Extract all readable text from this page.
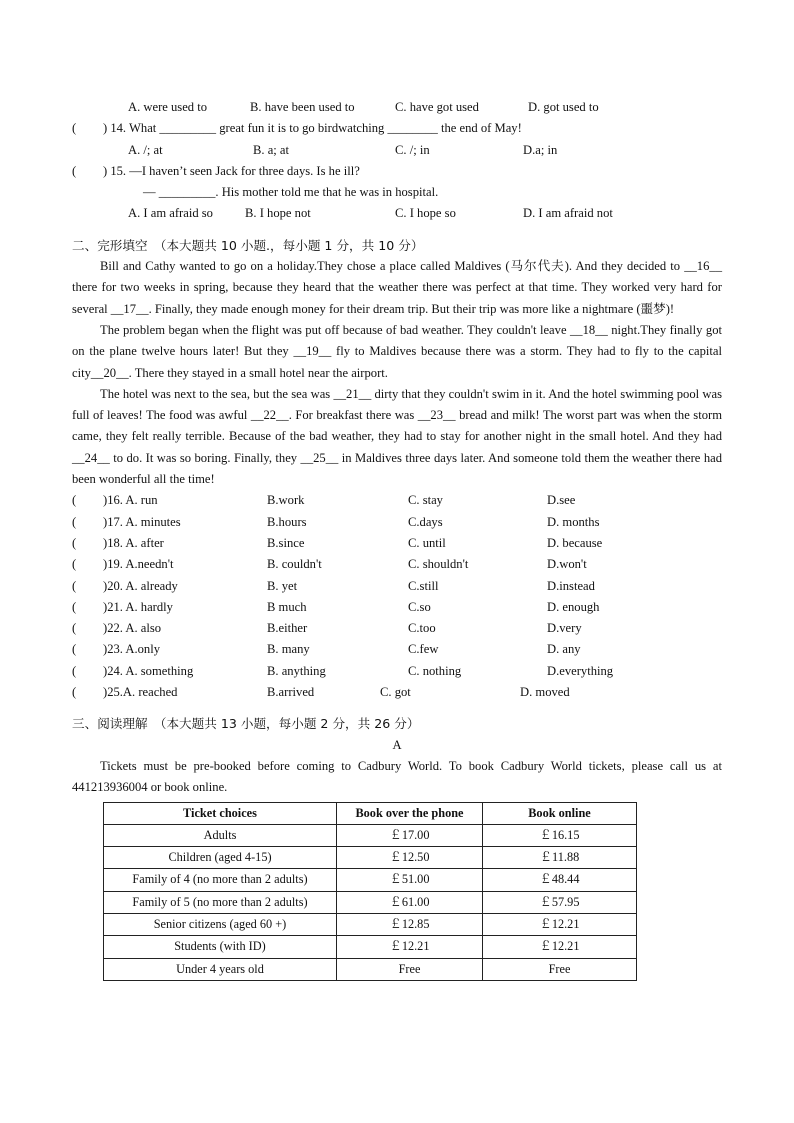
A. were used to	B. have been used to	C. have got used	D. got used to
( ) 14. What _________ great fun it is to go birdwatching ________ the end of May!
A. /; at	B. a; at	C. /; in	D.a; in
( ) 15. —I haven’t seen Jack for three days. Is he ill?
— _________. His mother told me that he was in hospital.
A. I am afraid so	B. I hope not	C. I hope so	D. I am afraid not
二、完形填空　（本大题共 10 小题.，每小题 1 分，共 10 分）
Bill and Cathy wanted to go on a holiday.They chose a place called Maldives (马尔代夫). And they decided to __16__ there for two weeks in spring, because they heard that the weather there was perfect at that time. They worked very hard for several __17__. Finally, they made enough money for their dream trip. But their trip was more like a nightmare (噩梦)!
The problem began when the flight was put off because of bad weather. They couldn't leave __18__ night.They finally got on the plane twelve hours later! But they __19__ fly to Maldives because there was a storm. They had to fly to the capital city__20__. There they stayed in a small hotel near the airport.
The hotel was next to the sea, but the sea was __21__ dirty that they couldn't swim in it. And the hotel swimming pool was full of leaves! The food was awful __22__. For breakfast there was __23__ bread and milk! The worst part was when the storm came, they felt really terrible. Because of the bad weather, they had to stay for another night in the small hotel. And they had __24__ to do. It was so boring. Finally, they __25__ in Maldives three days later. And someone told them the weather there had been wonderful all the time!
( )16. A. run	B.work	C. stay	D.see
( )17. A. minutes	B.hours	C.days	D. months
( )18. A. after	B.since	C. until	D. because
( )19. A.needn't	B. couldn't	C. shouldn't	D.won't
( )20. A. already	B. yet	C.still	D.instead
( )21. A. hardly	B much	C.so	D. enough
( )22. A. also	B.either	C.too	D.very
( )23. A.only	B. many	C.few	D. any
( )24. A. something	B. anything	C. nothing	D.everything
( )25.A. reached	B.arrived	C. got	D. moved
三、阅读理解　（本大题共 13 小题，每小题 2 分，共 26 分）
A
Tickets must be pre-booked before coming to Cadbury World. To book Cadbury World tickets, please call us at 441213936004 or book online.
Ticket choices	Book over the phone	Book online
Adults	￡17.00	￡16.15
Children (aged 4-15)	￡12.50	￡11.88
Family of 4 (no more than 2 adults)	￡51.00	￡48.44
Family of 5 (no more than 2 adults)	￡61.00	￡57.95
Senior citizens (aged 60 +)	￡12.85	￡12.21
Students (with ID)	￡12.21	￡12.21
Under 4 years old	Free	Free
